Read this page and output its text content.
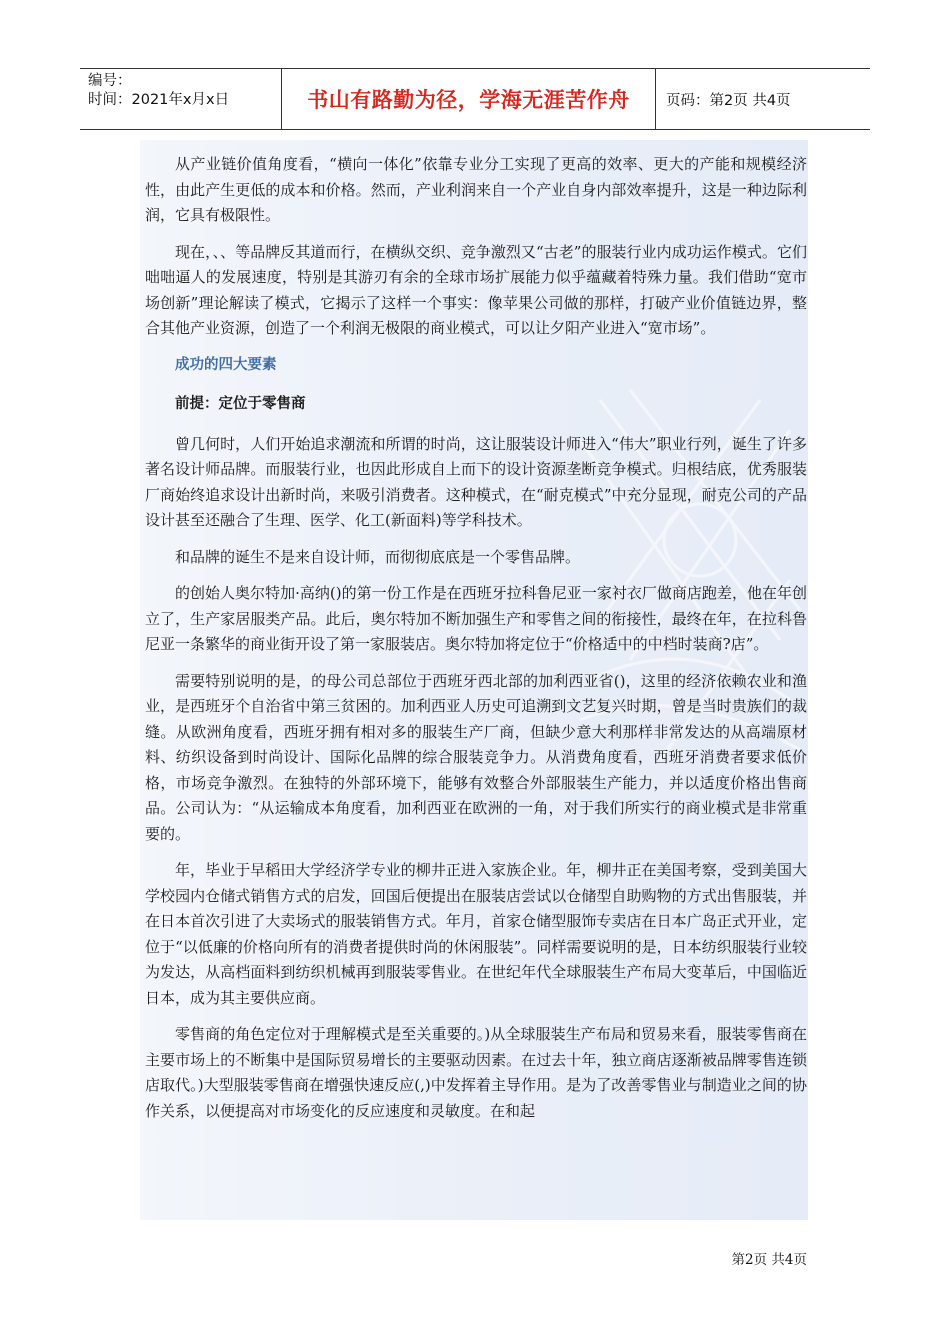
编号：
时间：2021年x月x日	书山有路勤为径，学海无涯苦作舟	页码：第2页 共4页

从产业链价值角度看，“横向一体化”依靠专业分工实现了更高的效率、更大的产能和规模经济性，由此产生更低的成本和价格。然而，产业利润来自一个产业自身内部效率提升，这是一种边际利润，它具有极限性。

现在，、、等品牌反其道而行，在横纵交织、竞争激烈又“古老”的服装行业内成功运作模式。它们咄咄逼人的发展速度，特别是其游刃有余的全球市场扩展能力似乎蕴藏着特殊力量。我们借助“宽市场创新”理论解读了模式，它揭示了这样一个事实：像苹果公司做的那样，打破产业价值链边界，整合其他产业资源，创造了一个利润无极限的商业模式，可以让夕阳产业进入“宽市场”。

成功的四大要素

前提：定位于零售商

曾几何时，人们开始追求潮流和所谓的时尚，这让服装设计师进入“伟大”职业行列，诞生了许多著名设计师品牌。而服装行业，也因此形成自上而下的设计资源垄断竞争模式。归根结底，优秀服装厂商始终追求设计出新时尚，来吸引消费者。这种模式，在“耐克模式”中充分显现，耐克公司的产品设计甚至还融合了生理、医学、化工(新面料)等学科技术。

和品牌的诞生不是来自设计师，而彻彻底底是一个零售品牌。

的创始人奥尔特加·高纳()的第一份工作是在西班牙拉科鲁尼亚一家衬衣厂做商店跑差，他在年创立了，生产家居服类产品。此后，奥尔特加不断加强生产和零售之间的衔接性，最终在年，在拉科鲁尼亚一条繁华的商业街开设了第一家服装店。奥尔特加将定位于“价格适中的中档时装商?店”。

需要特别说明的是，的母公司总部位于西班牙西北部的加利西亚省()，这里的经济依赖农业和渔业，是西班牙个自治省中第三贫困的。加利西亚人历史可追溯到文艺复兴时期，曾是当时贵族们的裁缝。从欧洲角度看，西班牙拥有相对多的服装生产厂商，但缺少意大利那样非常发达的从高端原材料、纺织设备到时尚设计、国际化品牌的综合服装竞争力。从消费角度看，西班牙消费者要求低价格，市场竞争激烈。在独特的外部环境下，能够有效整合外部服装生产能力，并以适度价格出售商品。公司认为：“从运输成本角度看，加利西亚在欧洲的一角，对于我们所实行的商业模式是非常重要的。

年，毕业于早稻田大学经济学专业的柳井正进入家族企业。年，柳井正在美国考察，受到美国大学校园内仓储式销售方式的启发，回国后便提出在服装店尝试以仓储型自助购物的方式出售服装，并在日本首次引进了大卖场式的服装销售方式。年月，首家仓储型服饰专卖店在日本广岛正式开业，定位于“以低廉的价格向所有的消费者提供时尚的休闲服装”。同样需要说明的是，日本纺织服装行业较为发达，从高档面料到纺织机械再到服装零售业。在世纪年代全球服装生产布局大变革后，中国临近日本，成为其主要供应商。

零售商的角色定位对于理解模式是至关重要的。)从全球服装生产布局和贸易来看，服装零售商在主要市场上的不断集中是国际贸易增长的主要驱动因素。在过去十年，独立商店逐渐被品牌零售连锁店取代。)大型服装零售商在增强快速反应(,)中发挥着主导作用。是为了改善零售业与制造业之间的协作关系，以便提高对市场变化的反应速度和灵敏度。在和起

第2页 共4页
